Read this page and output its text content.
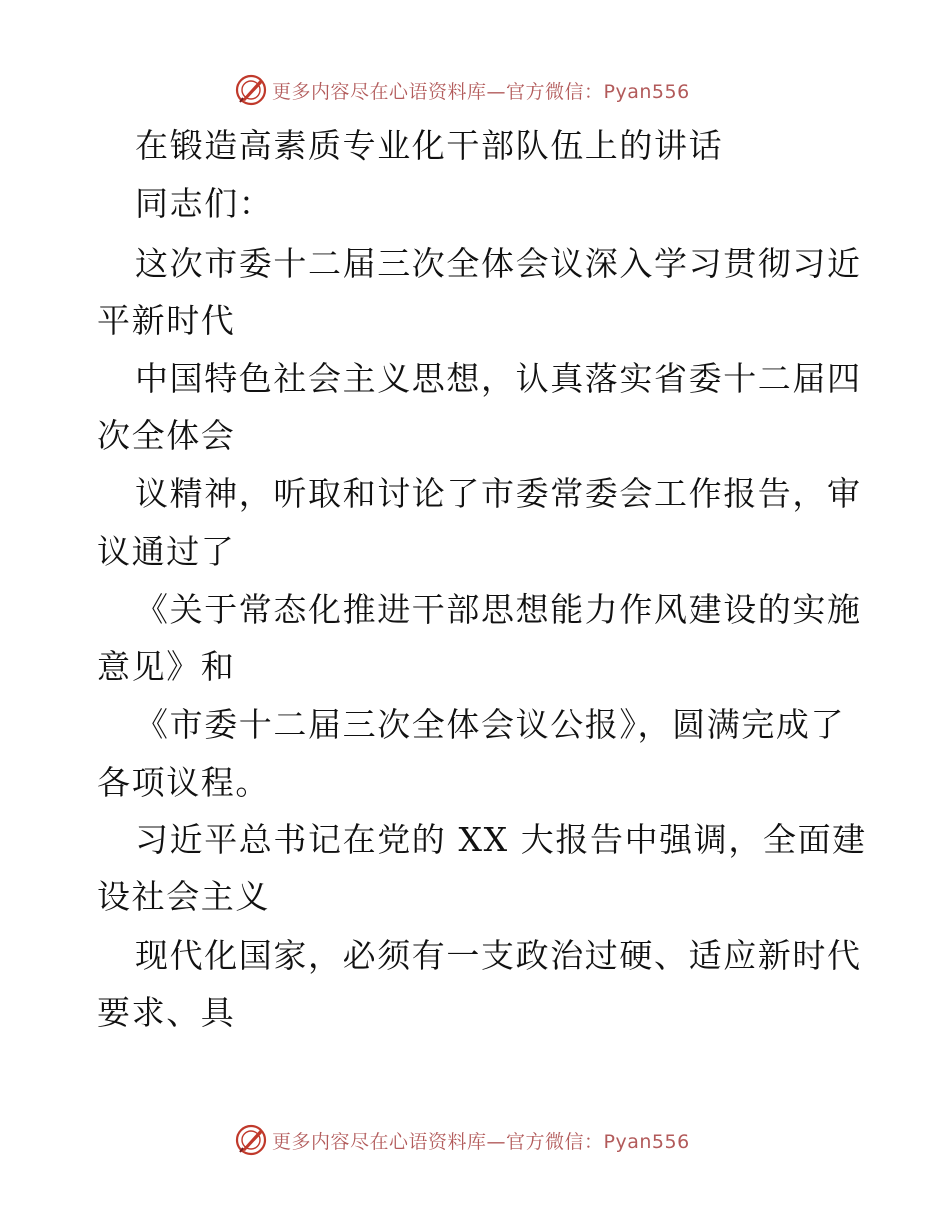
更多内容尽在心语资料库—官方微信：Pyan556
在锻造高素质专业化干部队伍上的讲话
同志们：
这次市委十二届三次全体会议深入学习贯彻习近
平新时代
中国特色社会主义思想，认真落实省委十二届四
次全体会
议精神，听取和讨论了市委常委会工作报告，审
议通过了
《关于常态化推进干部思想能力作风建设的实施
意见》和
《市委十二届三次全体会议公报》，圆满完成了
各项议程。
习近平总书记在党的 XX 大报告中强调，全面建
设社会主义
现代化国家，必须有一支政治过硬、适应新时代
要求、具
更多内容尽在心语资料库—官方微信：Pyan556
